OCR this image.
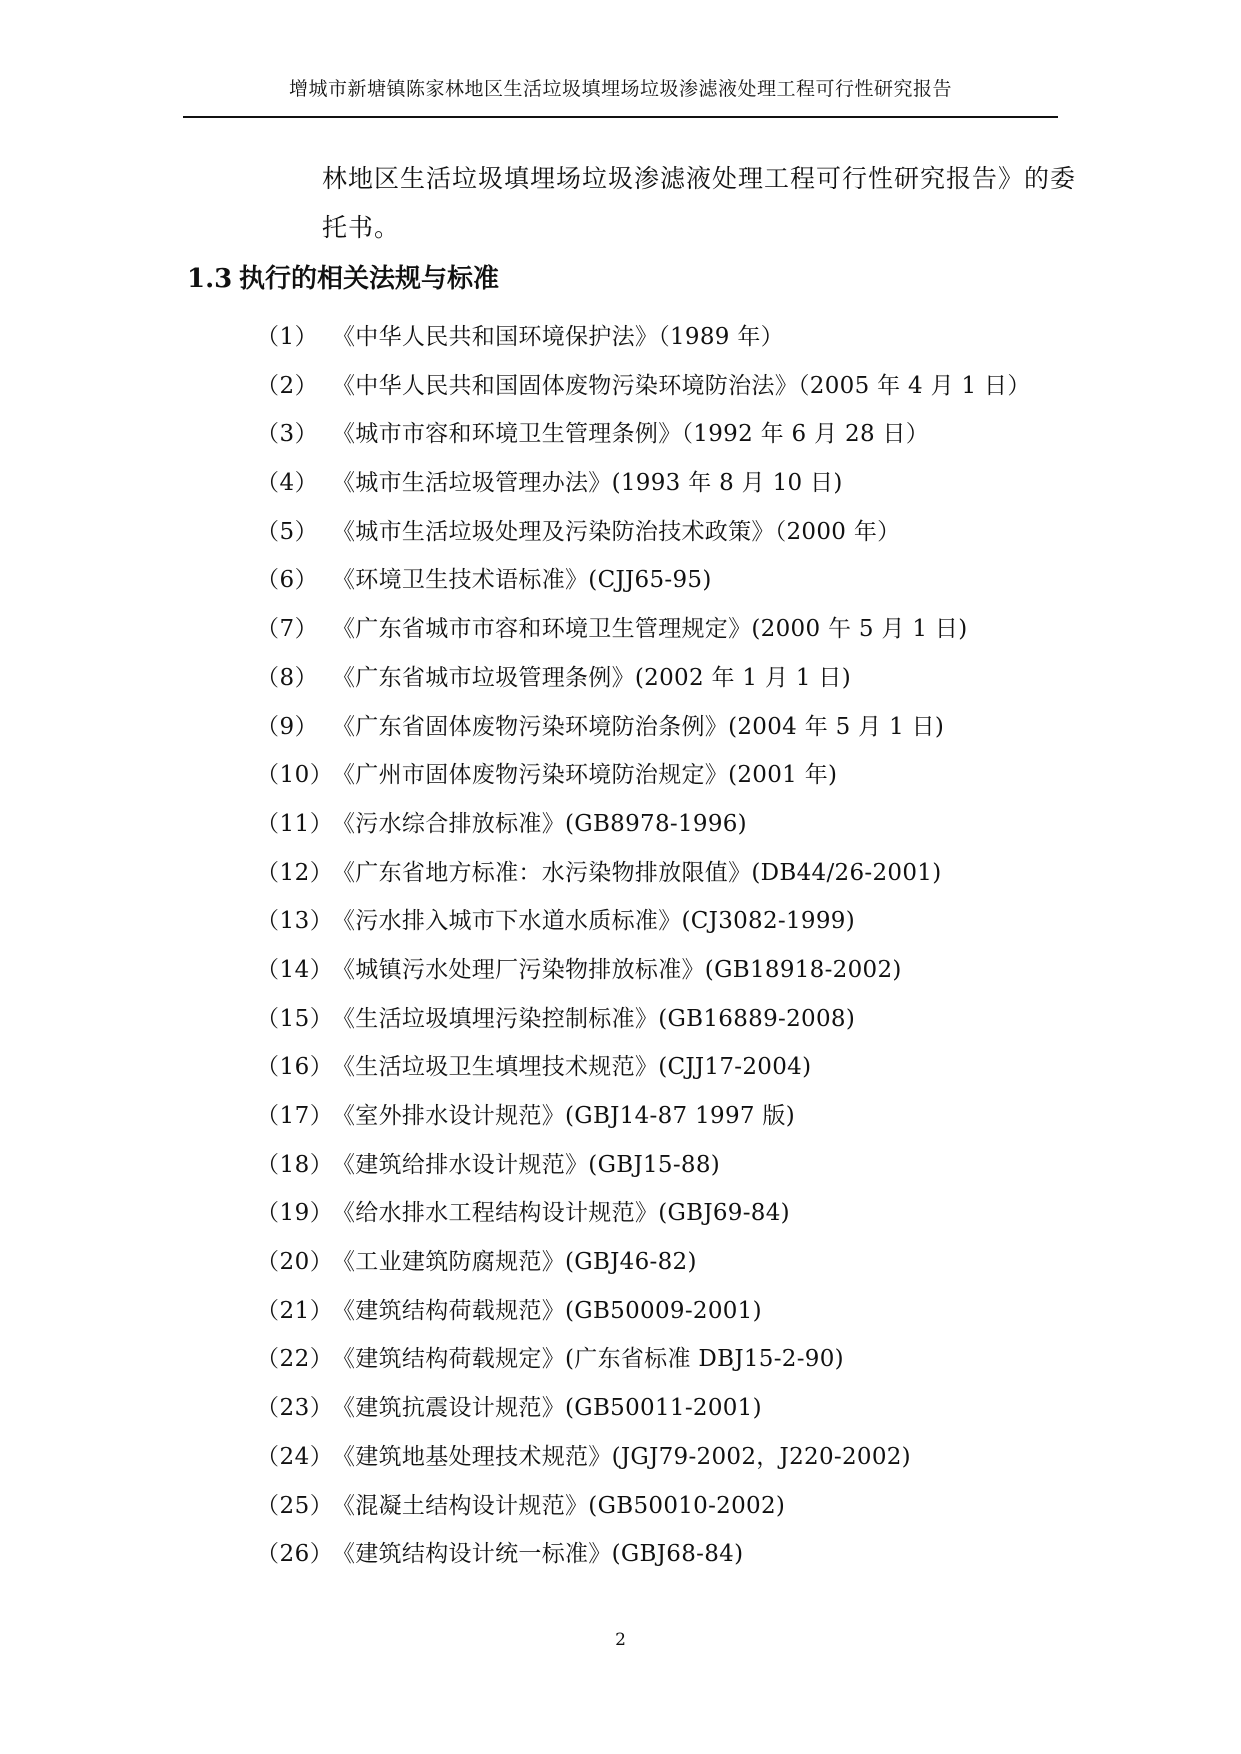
增城市新塘镇陈家林地区生活垃圾填埋场垃圾渗滤液处理工程可行性研究报告

林地区生活垃圾填埋场垃圾渗滤液处理工程可行性研究报告》的委
托书。

1.3 执行的相关法规与标准
（1） 《中华人民共和国环境保护法》（1989 年）
（2） 《中华人民共和国固体废物污染环境防治法》（2005 年 4 月 1 日）
（3） 《城市市容和环境卫生管理条例》（1992 年 6 月 28 日）
（4） 《城市生活垃圾管理办法》(1993 年 8 月 10 日)
（5） 《城市生活垃圾处理及污染防治技术政策》（2000 年）
（6） 《环境卫生技术语标准》(CJJ65-95)
（7） 《广东省城市市容和环境卫生管理规定》(2000 午 5 月 1 日)
（8） 《广东省城市垃圾管理条例》(2002 年 1 月 1 日)
（9） 《广东省固体废物污染环境防治条例》(2004 年 5 月 1 日)
（10）
《广州市固体废物污染环境防治规定》(2001 年)
（11）
《污水综合排放标准》(GB8978-1996)
（12）
《广东省地方标准：水污染物排放限值》(DB44/26-2001)
（13）
《污水排入城市下水道水质标准》(CJ3082-1999)
（14）
《城镇污水处理厂污染物排放标准》(GB18918-2002)
（15）
《生活垃圾填埋污染控制标准》(GB16889-2008)
（16）
《生活垃圾卫生填埋技术规范》(CJJ17-2004)
（17）
《室外排水设计规范》(GBJ14-87 1997 版)
（18）
《建筑给排水设计规范》(GBJ15-88)
（19）
《给水排水工程结构设计规范》(GBJ69-84)
（20）
《工业建筑防腐规范》(GBJ46-82)
（21）
《建筑结构荷载规范》(GB50009-2001)
（22）
《建筑结构荷载规定》(广东省标准 DBJ15-2-90)
（23）
《建筑抗震设计规范》(GB50011-2001)
（24）
《建筑地基处理技术规范》(JGJ79-2002，J220-2002)
（25）
《混凝土结构设计规范》(GB50010-2002)
（26）
《建筑结构设计统一标准》(GBJ68-84)
2
